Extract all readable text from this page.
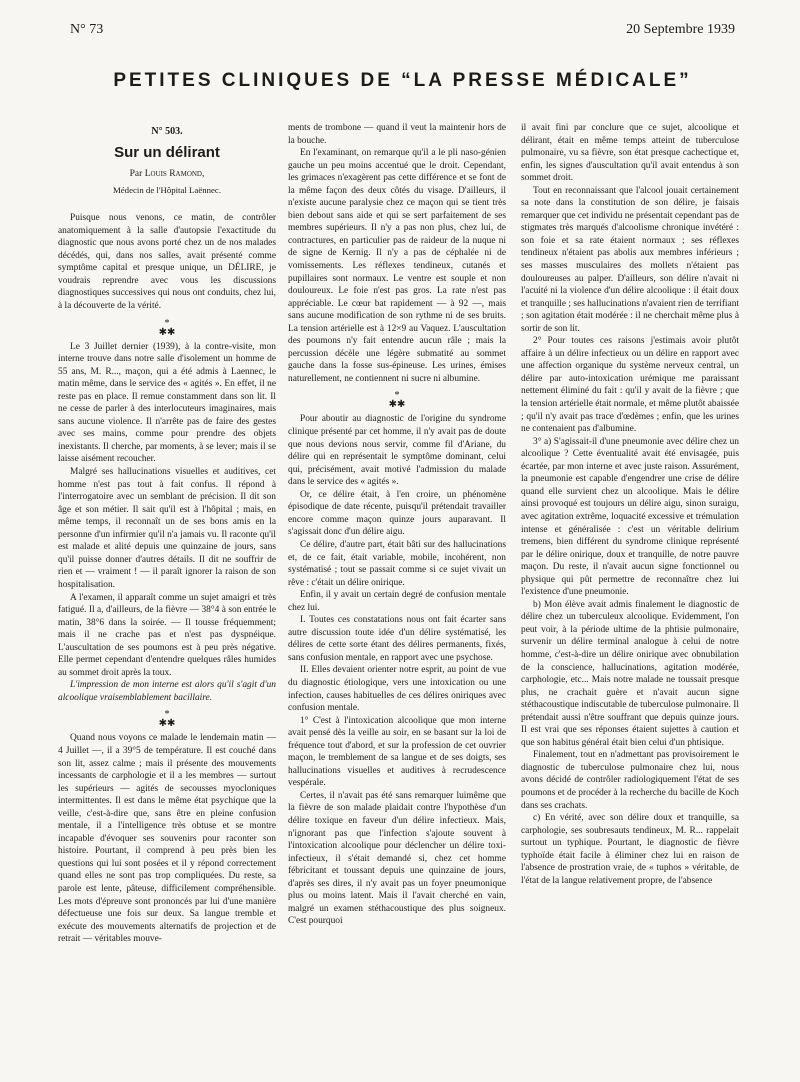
N° 73	20 Septembre 1939
PETITES CLINIQUES DE “LA PRESSE MÉDICALE”
N° 503.
Sur un délirant
Par Louis Ramond,
Médecin de l'Hôpital Laënnec.

Puisque nous venons, ce matin, de contrôler anatomiquement à la salle d'autopsie l'exactitude du diagnostic que nous avons porté chez un de nos malades décédés, qui, dans nos salles, avait présenté comme symptôme capital et presque unique, un DÉLIRE, je voudrais reprendre avec vous les discussions diagnostiques successives qui nous ont conduits, chez lui, à la découverte de la vérité.

*
✱✱

Le 3 Juillet dernier (1939), à la contre-visite, mon interne trouve dans notre salle d'isolement un homme de 55 ans, M. R..., maçon, qui a été admis à Laennec, le matin même, dans le service des « agités ». En effet, il ne reste pas en place. Il remue constamment dans son lit. Il ne cesse de parler à des interlocuteurs imaginaires, mais sans aucune violence. Il n'arrête pas de faire des gestes avec ses mains, comme pour prendre des objets inexistants. Il cherche, par moments, à se lever; mais il se laisse aisément recoucher.

Malgré ses hallucinations visuelles et auditives, cet homme n'est pas tout à fait confus. Il répond à l'interrogatoire avec un semblant de précision. Il dit son âge et son métier. Il sait qu'il est à l'hôpital ; mais, en même temps, il reconnaît un de ses bons amis en la personne d'un infirmier qu'il n'a jamais vu. Il raconte qu'il est malade et alité depuis une quinzaine de jours, sans qu'il puisse donner d'autres détails. Il dit ne souffrir de rien et — vraiment ! — il paraît ignorer la raison de son hospitalisation.

A l'examen, il apparaît comme un sujet amaigri et très fatigué. Il a, d'ailleurs, de la fièvre — 38°4 à son entrée le matin, 38°6 dans la soirée. — Il tousse fréquemment; mais il ne crache pas et n'est pas dyspnéique. L'auscultation de ses poumons est à peu près négative. Elle permet cependant d'entendre quelques râles humides au sommet droit après la toux.

L'impression de mon interne est alors qu'il s'agit d'un alcoolique vraisemblablement bacillaire.

*
✱✱

Quand nous voyons ce malade le lendemain matin — 4 Juillet —, il a 39°5 de température. Il est couché dans son lit, assez calme ; mais il présente des mouvements incessants de carphologie et il a les membres — surtout les supérieurs — agités de secousses myocloniques intermittentes. Il est dans le même état psychique que la veille, c'est-à-dire que, sans être en pleine confusion mentale, il a l'intelligence très obtuse et se montre incapable d'évoquer ses souvenirs pour raconter son histoire. Pourtant, il comprend à peu près bien les questions qui lui sont posées et il y répond correctement quand elles ne sont pas trop compliquées. Du reste, sa parole est lente, pâteuse, difficilement compréhensible. Les mots d'épreuve sont prononcés par lui d'une manière défectueuse une fois sur deux. Sa langue tremble et exécute des mouvements alternatifs de projection et de retrait — véritables mouve-

ments de trombone — quand il veut la maintenir hors de la bouche.

En l'examinant, on remarque qu'il a le pli naso-génien gauche un peu moins accentué que le droit. Cependant, les grimaces n'exagèrent pas cette différence et se font de la même façon des deux côtés du visage. D'ailleurs, il n'existe aucune paralysie chez ce maçon qui se tient très bien debout sans aide et qui se sert parfaitement de ses membres supérieurs. Il n'y a pas non plus, chez lui, de contractures, en particulier pas de raideur de la nuque ni de signe de Kernig. Il n'y a pas de céphalée ni de vomissements. Les réflexes tendineux, cutanés et pupillaires sont normaux. Le ventre est souple et non douloureux. Le foie n'est pas gros. La rate n'est pas appréciable. Le cœur bat rapidement — à 92 —, mais sans aucune modification de son rythme ni de ses bruits. La tension artérielle est à 12×9 au Vaquez. L'auscultation des poumons n'y fait entendre aucun râle ; mais la percussion décèle une légère submatité au sommet gauche dans la fosse sus-épineuse. Les urines, émises naturellement, ne contiennent ni sucre ni albumine.

*
✱✱

Pour aboutir au diagnostic de l'origine du syndrome clinique présenté par cet homme, il n'y avait pas de doute que nous devions nous servir, comme fil d'Ariane, du délire qui en représentait le symptôme dominant, celui qui, précisément, avait motivé l'admission du malade dans le service des « agités ».

Or, ce délire était, à l'en croire, un phénomène épisodique de date récente, puisqu'il prétendait travailler encore comme maçon quinze jours auparavant. Il s'agissait donc d'un délire aigu.

Ce délire, d'autre part, était bâti sur des hallucinations et, de ce fait, était variable, mobile, incohérent, non systématisé ; tout se passait comme si ce sujet vivait un rêve : c'était un délire onirique.

Enfin, il y avait un certain degré de confusion mentale chez lui.

I. Toutes ces constatations nous ont fait écarter sans autre discussion toute idée d'un délire systématisé, les délires de cette sorte étant des délires permanents, fixés, sans confusion mentale, en rapport avec une psychose.

II. Elles devaient orienter notre esprit, au point de vue du diagnostic étiologique, vers une intoxication ou une infection, causes habituelles de ces délires oniriques avec confusion mentale.

1° C'est à l'intoxication alcoolique que mon interne avait pensé dès la veille au soir, en se basant sur la loi de fréquence tout d'abord, et sur la profession de cet ouvrier maçon, le tremblement de sa langue et de ses doigts, ses hallucinations visuelles et auditives à recrudescence vespérale.

Certes, il n'avait pas été sans remarquer luimême que la fièvre de son malade plaidait contre l'hypothèse d'un délire toxique en faveur d'un délire infectieux. Mais, n'ignorant pas que l'infection s'ajoute souvent à l'intoxication alcoolique pour déclencher un délire toxi-infectieux, il s'était demandé si, chez cet homme fébricitant et toussant depuis une quinzaine de jours, d'après ses dires, il n'y avait pas un foyer pneumonique plus ou moins latent. Mais il l'avait cherché en vain, malgré un examen stéthacoustique des plus soigneux. C'est pourquoi

il avait fini par conclure que ce sujet, alcoolique et délirant, était en même temps atteint de tuberculose pulmonaire, vu sa fièvre, son état presque cachectique et, enfin, les signes d'auscultation qu'il avait entendus à son sommet droit.

Tout en reconnaissant que l'alcool jouait certainement sa note dans la constitution de son délire, je faisais remarquer que cet individu ne présentait cependant pas de stigmates très marqués d'alcoolisme chronique invétéré : son foie et sa rate étaient normaux ; ses réflexes tendineux n'étaient pas abolis aux membres inférieurs ; ses masses musculaires des mollets n'étaient pas douloureuses au palper. D'ailleurs, son délire n'avait ni l'acuité ni la violence d'un délire alcoolique : il était doux et tranquille ; ses hallucinations n'avaient rien de terrifiant ; son agitation était modérée : il ne cherchait même plus à sortir de son lit.

2° Pour toutes ces raisons j'estimais avoir plutôt affaire à un délire infectieux ou un délire en rapport avec une affection organique du système nerveux central, un délire par auto-intoxication urémique me paraissant nettement éliminé du fait : qu'il y avait de la fièvre ; que la tension artérielle était normale, et même plutôt abaissée ; qu'il n'y avait pas trace d'œdèmes ; enfin, que les urines ne contenaient pas d'albumine.

3° a) S'agissait-il d'une pneumonie avec délire chez un alcoolique ? Cette éventualité avait été envisagée, puis écartée, par mon interne et avec juste raison. Assurément, la pneumonie est capable d'engendrer une crise de délire quand elle survient chez un alcoolique. Mais le délire ainsi provoqué est toujours un délire aigu, sinon suraigu, avec agitation extrême, loquacité excessive et trémulation intense et généralisée : c'est un véritable delirium tremens, bien différent du syndrome clinique représenté par le délire onirique, doux et tranquille, de notre pauvre maçon. Du reste, il n'avait aucun signe fonctionnel ou physique qui pût permettre de reconnaître chez lui l'existence d'une pneumonie.

b) Mon élève avait admis finalement le diagnostic de délire chez un tuberculeux alcoolique. Evidemment, l'on peut voir, à la période ultime de la phtisie pulmonaire, survenir un délire terminal analogue à celui de notre homme, c'est-à-dire un délire onirique avec obnubilation de la conscience, hallucinations, agitation modérée, carphologie, etc... Mais notre malade ne toussait presque plus, ne crachait guère et n'avait aucun signe stéthacoustique indiscutable de tuberculose pulmonaire. Il prétendait aussi n'être souffrant que depuis quinze jours. Il est vrai que ses réponses étaient sujettes à caution et que son habitus général était bien celui d'un phtisique.

Finalement, tout en n'admettant pas provisoirement le diagnostic de tuberculose pulmonaire chez lui, nous avons décidé de contrôler radiologiquement l'état de ses poumons et de procéder à la recherche du bacille de Koch dans ses crachats.

c) En vérité, avec son délire doux et tranquille, sa carphologie, ses soubresauts tendineux, M. R... rappelait surtout un typhique. Pourtant, le diagnostic de fièvre typhoïde était facile à éliminer chez lui en raison de l'absence de prostration vraie, de « tuphos » véritable, de l'état de la langue relativement propre, de l'absence
